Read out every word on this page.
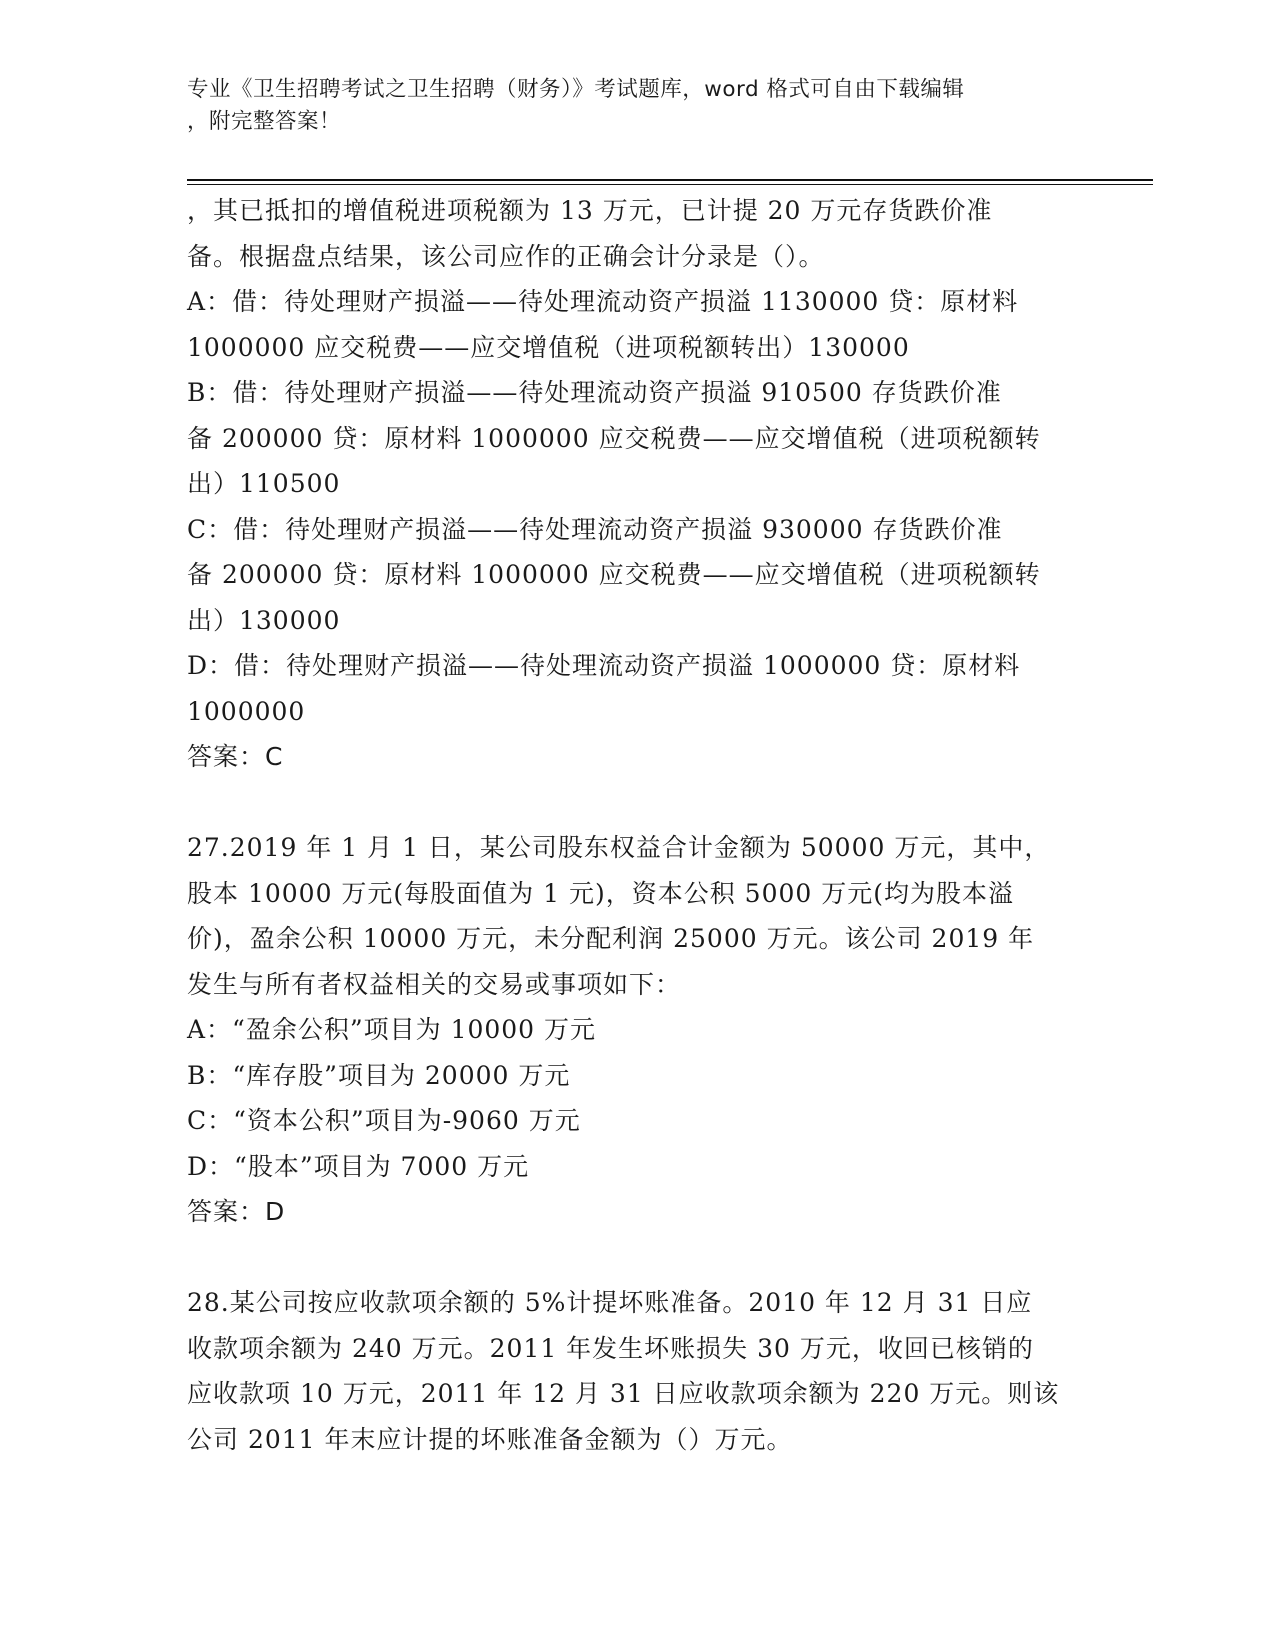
专业《卫生招聘考试之卫生招聘（财务）》考试题库，word 格式可自由下载编辑
，附完整答案！
，其已抵扣的增值税进项税额为 13 万元，已计提 20 万元存货跌价准
备。根据盘点结果，该公司应作的正确会计分录是（）。
A：借：待处理财产损溢——待处理流动资产损溢 1130000 贷：原材料
1000000 应交税费——应交增值税（进项税额转出）130000
B：借：待处理财产损溢——待处理流动资产损溢 910500 存货跌价准
备 200000 贷：原材料 1000000 应交税费——应交增值税（进项税额转
出）110500
C：借：待处理财产损溢——待处理流动资产损溢 930000 存货跌价准
备 200000 贷：原材料 1000000 应交税费——应交增值税（进项税额转
出）130000
D：借：待处理财产损溢——待处理流动资产损溢 1000000 贷：原材料
1000000
答案：C
27.2019 年 1 月 1 日，某公司股东权益合计金额为 50000 万元，其中，
股本 10000 万元(每股面值为 1 元)，资本公积 5000 万元(均为股本溢
价)，盈余公积 10000 万元，未分配利润 25000 万元。该公司 2019 年
发生与所有者权益相关的交易或事项如下：
A：“盈余公积”项目为 10000 万元
B：“库存股”项目为 20000 万元
C：“资本公积”项目为-9060 万元
D：“股本”项目为 7000 万元
答案：D
28.某公司按应收款项余额的 5%计提坏账准备。2010 年 12 月 31 日应
收款项余额为 240 万元。2011 年发生坏账损失 30 万元，收回已核销的
应收款项 10 万元，2011 年 12 月 31 日应收款项余额为 220 万元。则该
公司 2011 年末应计提的坏账准备金额为（）万元。
